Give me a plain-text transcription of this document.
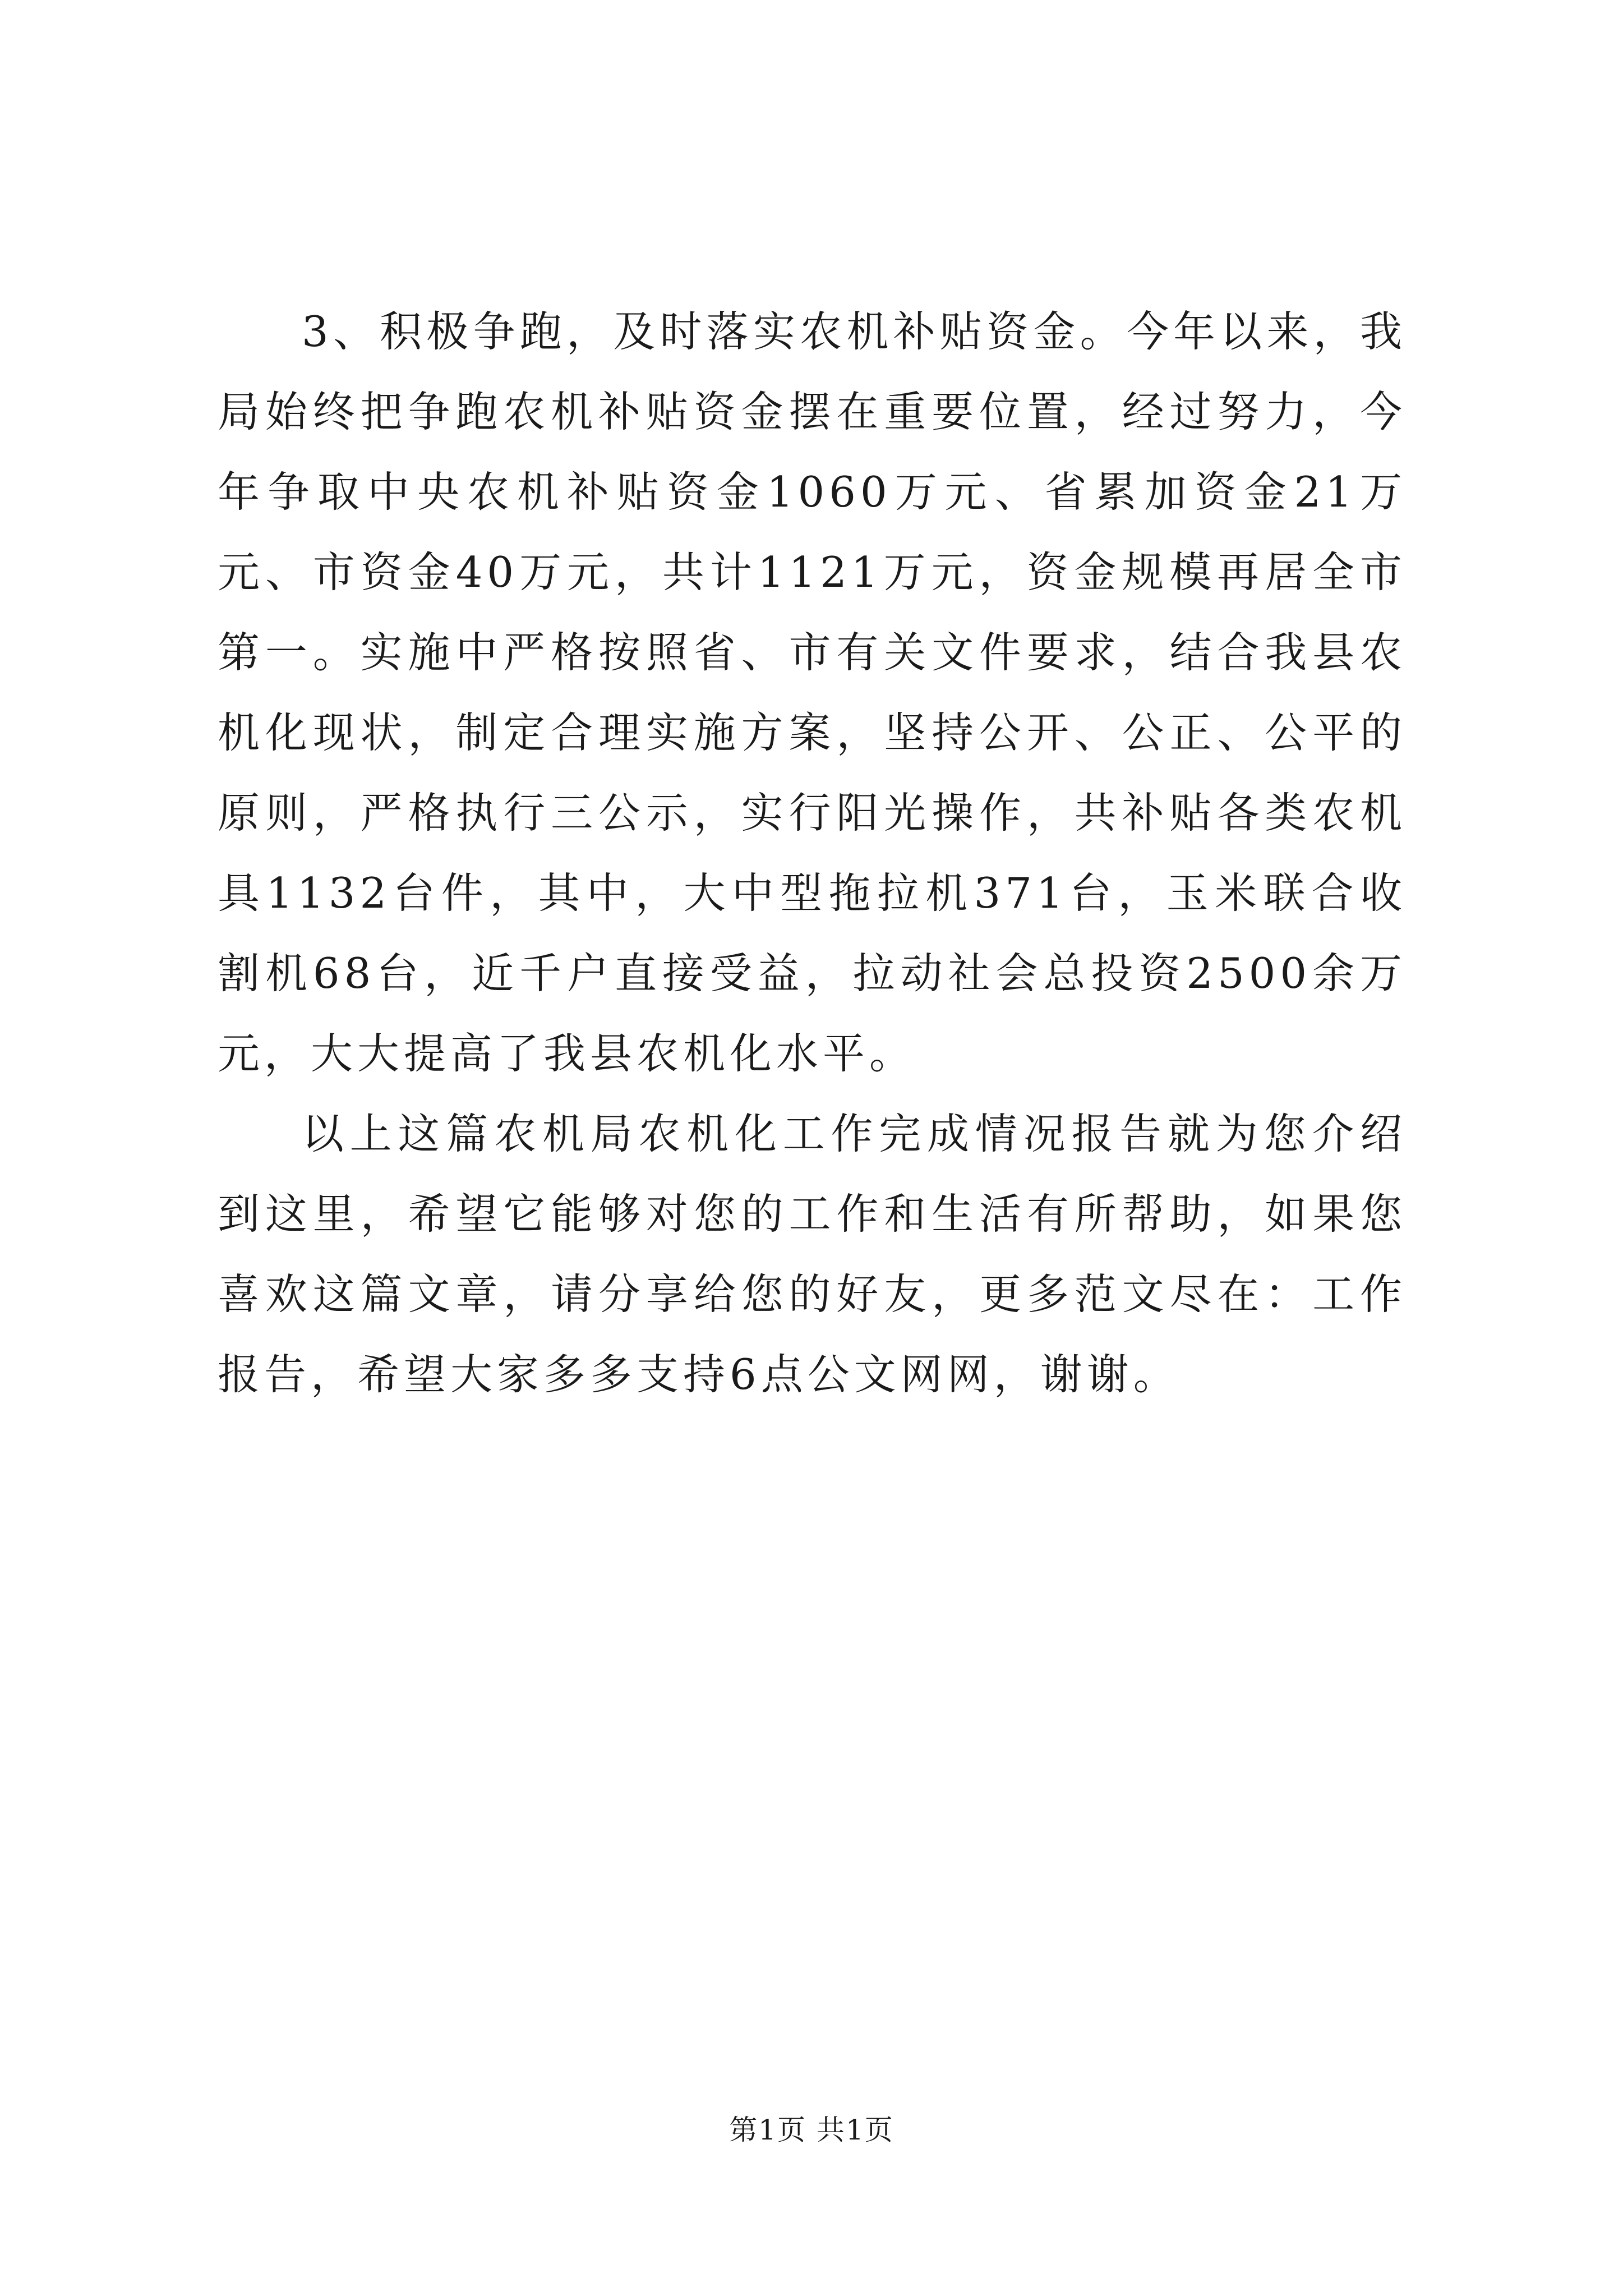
3、积极争跑，及时落实农机补贴资金。今年以来，我局始终把争跑农机补贴资金摆在重要位置，经过努力，今年争取中央农机补贴资金1060万元、省累加资金21万元、市资金40万元，共计1121万元，资金规模再居全市第一。实施中严格按照省、市有关文件要求，结合我县农机化现状，制定合理实施方案，坚持公开、公正、公平的原则，严格执行三公示，实行阳光操作，共补贴各类农机具1132台件，其中，大中型拖拉机371台，玉米联合收割机68台，近千户直接受益，拉动社会总投资2500余万元，大大提高了我县农机化水平。

以上这篇农机局农机化工作完成情况报告就为您介绍到这里，希望它能够对您的工作和生活有所帮助，如果您喜欢这篇文章，请分享给您的好友，更多范文尽在：工作报告，希望大家多多支持6点公文网网，谢谢。

第1页 共1页
